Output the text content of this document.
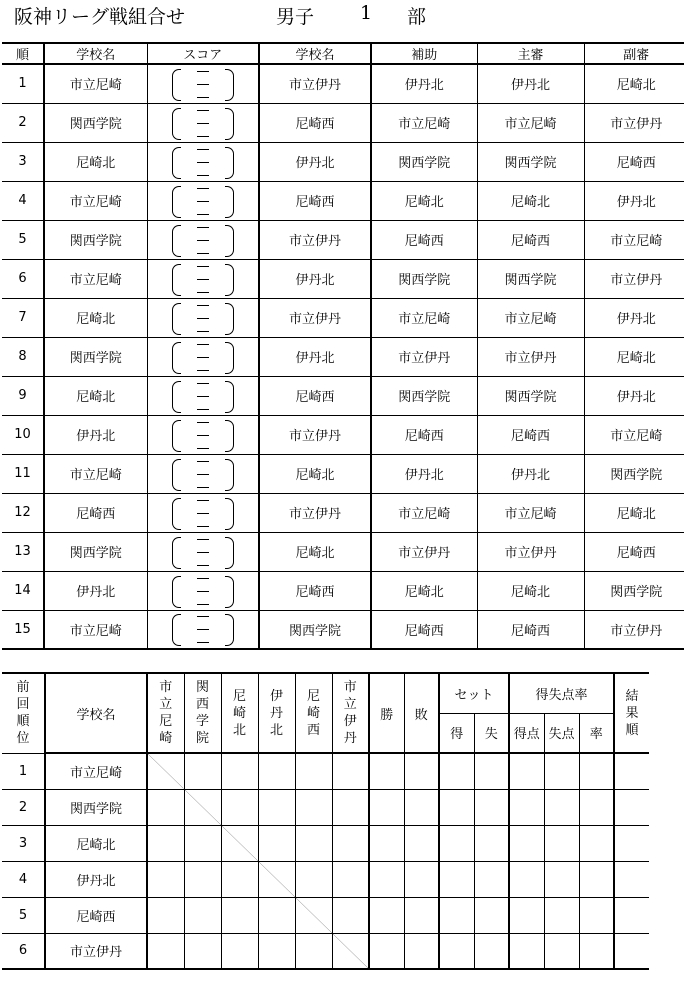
阪神リーグ戦組合せ	男子 1 部
順	学校名	スコア	学校名	補助	主審	副審
1	市立尼崎		市立伊丹	伊丹北	伊丹北	尼崎北
2	関西学院		尼崎西	市立尼崎	市立尼崎	市立伊丹
3	尼崎北		伊丹北	関西学院	関西学院	尼崎西
4	市立尼崎		尼崎西	尼崎北	尼崎北	伊丹北
5	関西学院		市立伊丹	尼崎西	尼崎西	市立尼崎
6	市立尼崎		伊丹北	関西学院	関西学院	市立伊丹
7	尼崎北		市立伊丹	市立尼崎	市立尼崎	伊丹北
8	関西学院		伊丹北	市立伊丹	市立伊丹	尼崎北
9	尼崎北		尼崎西	関西学院	関西学院	伊丹北
10	伊丹北		市立伊丹	尼崎西	尼崎西	市立尼崎
11	市立尼崎		尼崎北	伊丹北	伊丹北	関西学院
12	尼崎西		市立伊丹	市立尼崎	市立尼崎	尼崎北
13	関西学院		尼崎北	市立伊丹	市立伊丹	尼崎西
14	伊丹北		尼崎西	尼崎北	尼崎北	関西学院
15	市立尼崎		関西学院	尼崎西	尼崎西	市立伊丹
前回順位	学校名	市立尼崎	関西学院	尼崎北	伊丹北	尼崎西	市立伊丹	勝	敗	セット		得失点率			結果順
										得	失	得点	失点	率	
1	市立尼崎	

2	関西学院		

3	尼崎北			

4	伊丹北				

5	尼崎西					

6	市立伊丹						
